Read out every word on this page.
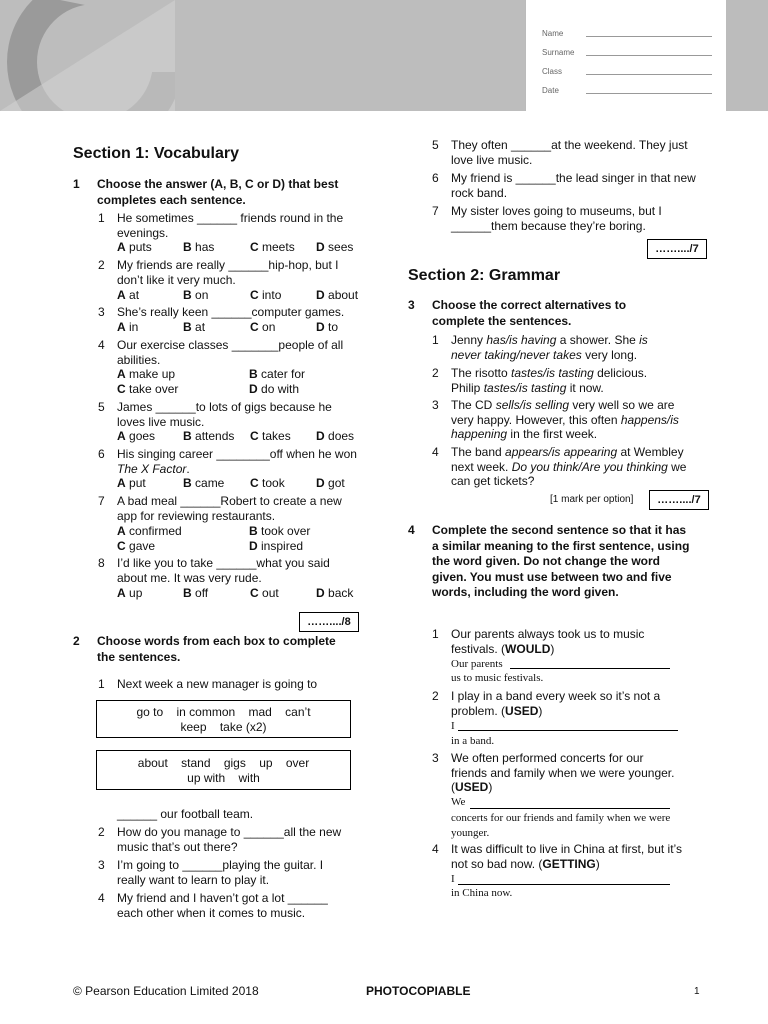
Name
Surname
Class
Date
Section 1: Vocabulary
1 Choose the answer (A, B, C or D) that best completes each sentence.
1 He sometimes ______ friends round in the evenings.
A puts	B has	C meets D sees
2 My friends are really ______hip-hop, but I don’t like it very much.
A at	B on	C into	D about
3 She’s really keen ______computer games.
A in	B at	C on	D to
4 Our exercise classes _______people of all abilities.
A make up	B cater for
C take over	D do with
5 James ______to lots of gigs because he loves live music.
A goes B attends C takes D does
6 His singing career ________off when he won The X Factor.
A put	B came C took	D got
7 A bad meal ______Robert to create a new app for reviewing restaurants.
A confirmed	B took over
C gave	D inspired
8 I’d like you to take ______what you said about me. It was very rude.
A up	B off	C out	D back
……..../8
2 Choose words from each box to complete the sentences.
1 Next week a new manager is going to
go to    in common    mad    can’t
keep    take (x2)
about    stand    gigs    up    over
up with    with
______ our football team.
2 How do you manage to ______all the new music that’s out there?
3 I’m going to ______playing the guitar. I really want to learn to play it.
4 My friend and I haven’t got a lot ______ each other when it comes to music.
5 They often ______at the weekend. They just love live music.
6 My friend is ______the lead singer in that new rock band.
7 My sister loves going to museums, but I ______them because they’re boring.
……..../7
Section 2: Grammar
3 Choose the correct alternatives to complete the sentences.
1 Jenny has/is having a shower. She is never taking/never takes very long.
2 The risotto tastes/is tasting delicious. Philip tastes/is tasting it now.
3 The CD sells/is selling very well so we are very happy. However, this often happens/is happening in the first week.
4 The band appears/is appearing at Wembley next week. Do you think/Are you thinking we can get tickets?
[1 mark per option]	……..../7
4 Complete the second sentence so that it has a similar meaning to the first sentence, using the word given. Do not change the word given. You must use between two and five words, including the word given.
1 Our parents always took us to music festivals. (WOULD)
Our parents
us to music festivals.
2 I play in a band every week so it’s not a problem. (USED)
I
in a band.
3 We often performed concerts for our friends and family when we were younger. (USED)
We
concerts for our friends and family when we were younger.
4 It was difficult to live in China at first, but it’s not so bad now. (GETTING)
I
in China now.
© Pearson Education Limited 2018	PHOTOCOPIABLE	1
